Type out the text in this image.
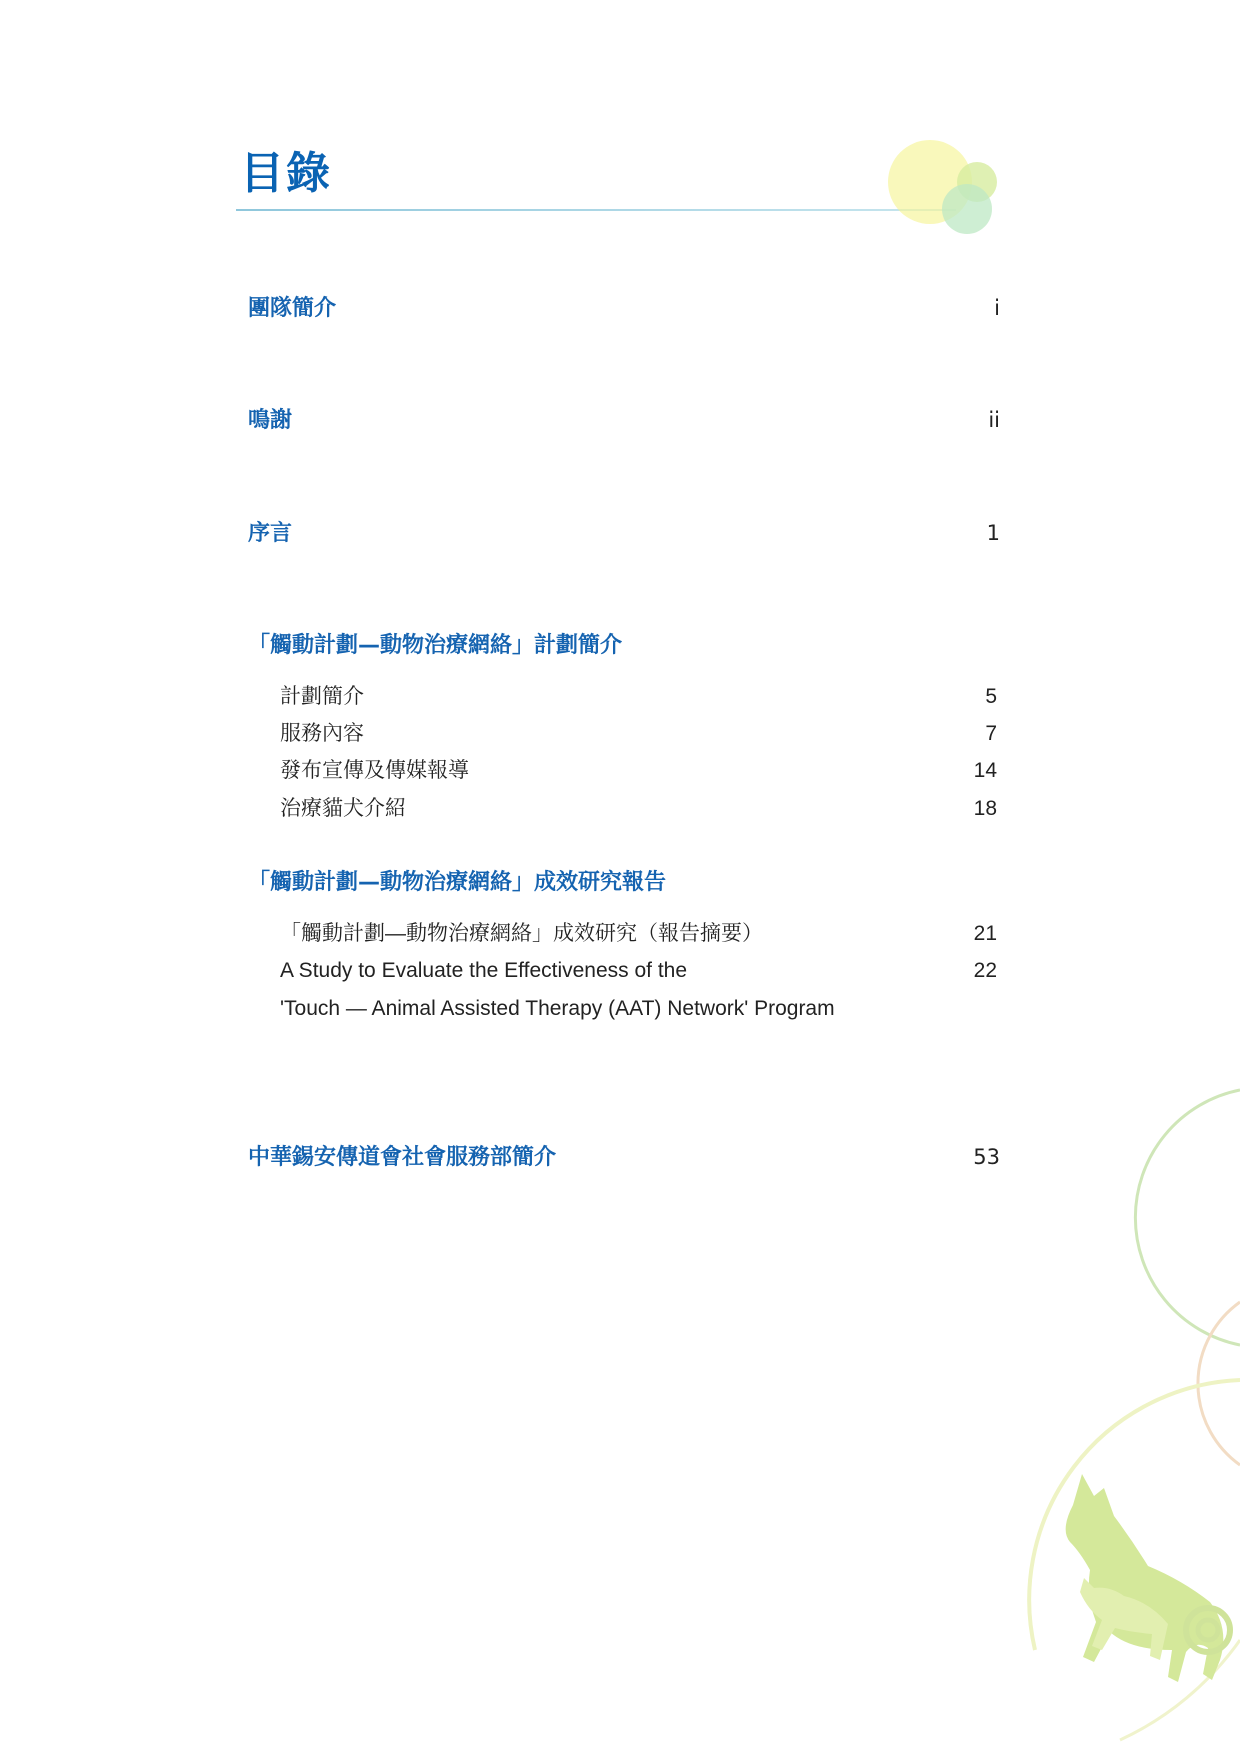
目錄
團隊簡介	i
鳴謝	ii
序言	1
「觸動計劃—動物治療網絡」計劃簡介
計劃簡介	5
服務內容	7
發布宣傳及傳媒報導	14
治療貓犬介紹	18
「觸動計劃—動物治療網絡」成效研究報告
「觸動計劃—動物治療網絡」成效研究（報告摘要）	21
A Study to Evaluate the Effectiveness of the	22
'Touch — Animal Assisted Therapy (AAT) Network' Program
中華錫安傳道會社會服務部簡介	53
